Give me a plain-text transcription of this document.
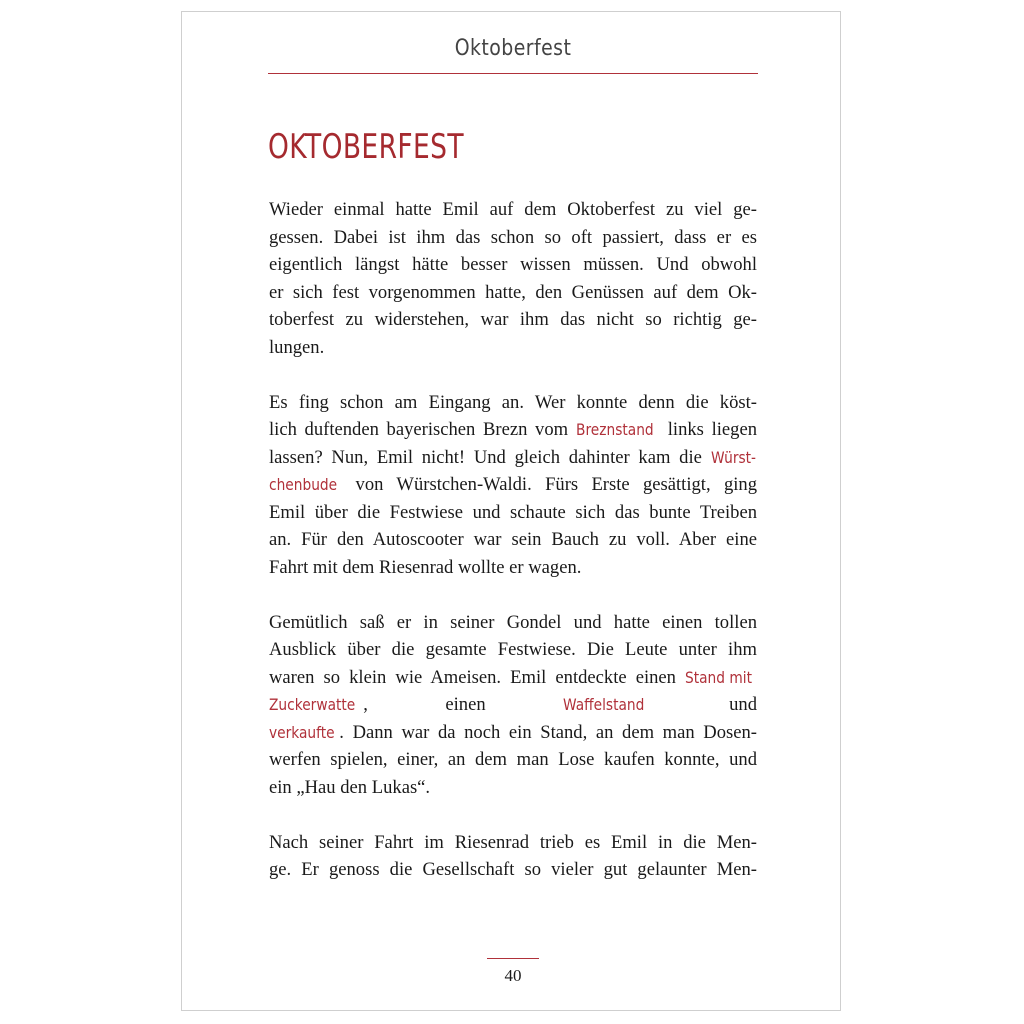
Oktoberfest
OKTOBERFEST
Wieder einmal hatte Emil auf dem Oktoberfest zu viel ge-
gessen. Dabei ist ihm das schon so oft passiert, dass er es
eigentlich längst hätte besser wissen müssen. Und obwohl
er sich fest vorgenommen hatte, den Genüssen auf dem Ok-
toberfest zu widerstehen, war ihm das nicht so richtig ge-
lungen.
Es fing schon am Eingang an. Wer konnte denn die köst-
lich duftenden bayerischen Brezn vom Breznstand links liegen
lassen? Nun, Emil nicht! Und gleich dahinter kam die Würst-
chenbude von Würstchen-Waldi. Fürs Erste gesättigt, ging
Emil über die Festwiese und schaute sich das bunte Treiben
an. Für den Autoscooter war sein Bauch zu voll. Aber eine
Fahrt mit dem Riesenrad wollte er wagen.
Gemütlich saß er in seiner Gondel und hatte einen tollen
Ausblick über die gesamte Festwiese. Die Leute unter ihm
waren so klein wie Ameisen. Emil entdeckte einen Stand mit
Zuckerwatte , einen	Waffelstand	und
verkaufte . Dann war da noch ein Stand, an dem man Dosen-
werfen spielen, einer, an dem man Lose kaufen konnte, und
ein „Hau den Lukas“.
Nach seiner Fahrt im Riesenrad trieb es Emil in die Men-
ge. Er genoss die Gesellschaft so vieler gut gelaunter Men-
40
